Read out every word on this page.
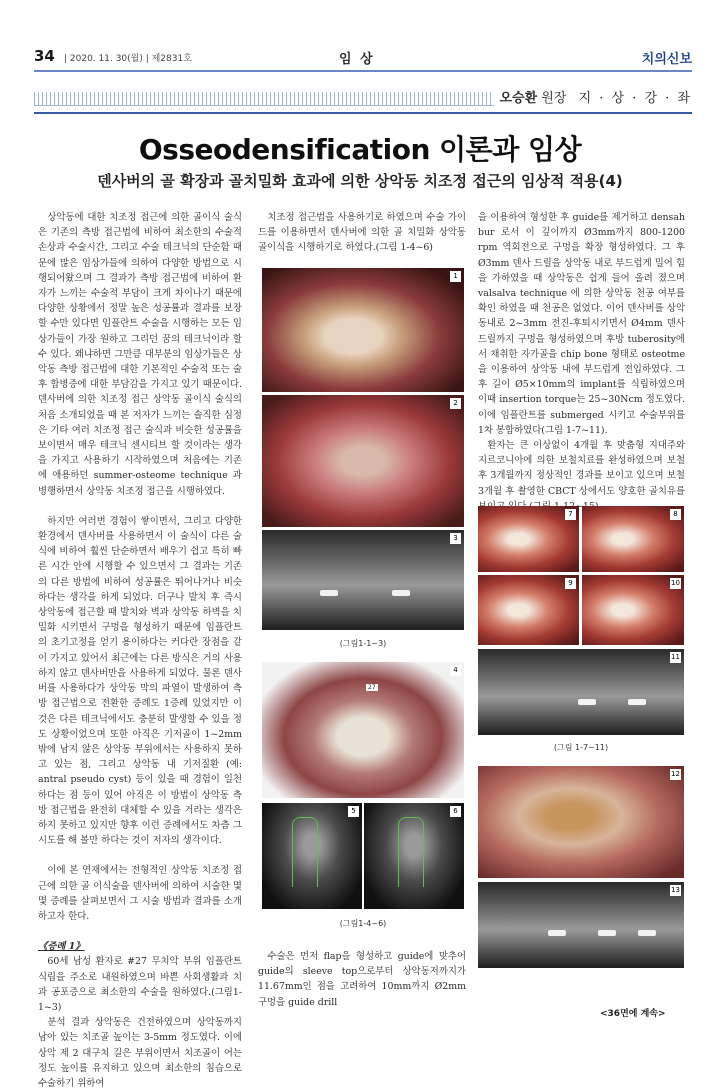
34 | 2020. 11. 30(월) | 제2831호	임 상	치의신보
오승환 원장 지 · 상 · 강 · 좌
Osseodensification 이론과 임상
덴사버의 골 확장과 골치밀화 효과에 의한 상악동 치조정 접근의 임상적 적용(4)

상악동에 대한 치조정 접근에 의한 골이식 술식은 기존의 측방 접근법에 비하여 최소한의 수술적 손상과 수술시간, 그리고 수술 테크닉의 단순함 때문에 많은 임상가들에 의하여 다양한 방법으로 시행되어왔으며 그 결과가 측방 접근법에 비하여 환자가 느끼는 수술적 부담이 크게 차이나기 때문에 다양한 상황에서 정말 높은 성공률과 결과를 보장할 수만 있다면 임플란트 수술을 시행하는 모든 임상가들이 가장 원하고 그리던 꿈의 테크닉이라 할 수 있다. 왜냐하면 그만큼 대부분의 임상가들은 상악동 측방 접근법에 대한 기본적인 수술적 또는 술후 합병증에 대한 부담감을 가지고 있기 때문이다. 덴사버에 의한 치조정 접근 상악동 골이식 술식의 처음 소개되었을 때 본 저자가 느끼는 솔직한 심정은 기타 여러 치조정 접근 술식과 비슷한 성공률을 보이면서 매우 테크닉 센시티브 할 것이라는 생각을 가지고 사용하기 시작하였으며 처음에는 기존에 애용하던 summer-osteome technique 과 병행하면서 상악동 치조정 접근을 시행하였다.

하지만 여러번 경험이 쌓이면서, 그리고 다양한 환경에서 덴사버를 사용하면서 이 술식이 다른 술식에 비하여 훨씬 단순하면서 배우기 쉽고 특히 빠른 시간 안에 시행할 수 있으면서 그 결과는 기존의 다른 방법에 비하여 성공률은 뛰어나거나 비슷하다는 생각을 하게 되었다. 더구나 발치 후 즉시 상악동에 접근할 때 발치와 벽과 상악동 하벽을 치밀화 시키면서 구멍을 형성하기 때문에 임플란트의 초기고정을 얻기 용이하다는 커다란 장점을 같이 가지고 있어서 최근에는 다른 방식은 거의 사용하지 않고 덴사버만을 사용하게 되었다. 물론 덴사버를 사용하다가 상악동 막의 파열이 발생하여 측방 접근법으로 전환한 증례도 1증례 있었지만 이것은 다른 테크닉에서도 충분히 발생할 수 있을 정도 상황이었으며 또한 아직은 기저골이 1~2mm밖에 남지 않은 상악동 부위에서는 사용하지 못하고 있는 점, 그리고 상악동 내 기저질환 (예: antral pseudo cyst) 등이 있을 때 경험이 일천하다는 점 등이 있어 아직은 이 방법이 상악동 측방 접근법을 완전히 대체할 수 있을 거라는 생각은 하지 못하고 있지만 향후 이런 증례에서도 차츰 그 시도를 해 볼만 하다는 것이 저자의 생각이다.

이에 본 연재에서는 전형적인 상악동 치조정 접근에 의한 골 이식술을 덴사버에 의하여 시술한 몇몇 증례를 살펴보면서 그 시술 방법과 결과를 소개하고자 한다.

《증례 1》

60세 남성 환자로 #27 무치악 부위 임플란트 식립을 주소로 내원하였으며 바쁜 사회생활과 치과 공포증으로 최소한의 수술을 원하였다.(그림1-1~3)

분석 결과 상악동은 건전하였으며 상악동까지 남아 있는 치조골 높이는 3-5mm 정도였다. 이에 상악 제 2 대구치 길은 부위이면서 치조골이 어는 정도 높이를 유지하고 있으며 최소한의 침습으로 수술하기 위하여

치조정 접근법을 사용하기로 하였으며 수술 가이드를 이용하면서 덴사버에 의한 골 치밀화 상악동 골이식을 시행하기로 하였다.(그림 1-4~6)

1
2
3
(그림1-1~3)
4
27
5	6
(그림1-4~6)

수술은 먼저 flap을 형성하고 guide에 맞추어 guide의 sleeve top으로부터 상악동저까지가 11.67mm인 점을 고려하여 10mm까지 Ø2mm 구멍을 guide drill

을 이용하여 형성한 후 guide를 제거하고 densah bur 로서 이 깊이까지 Ø3mm까지 800-1200 rpm 역회전으로 구멍을 확장 형성하였다. 그 후 Ø3mm 덴사 드릴을 상악동 내로 부드럽게 밀어 힘을 가하였을 때 상악동은 쉽게 들어 올려 졌으며 valsalva technique 에 의한 상악동 천공 여부를 확인 하였을 때 천공은 없었다. 이어 덴사버를 상악동내로 2~3mm 전진-후퇴시키면서 Ø4mm 덴사 드릴까지 구멍을 형성하였으며 후방 tuberosity에서 채취한 자가골을 chip bone 형태로 osteotme을 이용하여 상악동 내에 부드럽게 전입하였다. 그 후 길이 Ø5×10mm의 implant를 식립하였으며 이때 insertion torque는 25~30Ncm 정도였다. 이에 임플란트를 submerged 시키고 수술부위를 1차 봉합하였다(그림 1-7~11).

환자는 큰 이상없이 4개월 후 맞춤형 지대주와 지르코니아에 의한 보철치료를 완성하였으며 보철 후 3개월까지 정상적인 경과를 보이고 있으며 보철 3개월 후 촬영한 CBCT 상에서도 양호한 골치유를

7	8
9	10
11
(그림 1-7~11)
12
13
<36면에 계속>
